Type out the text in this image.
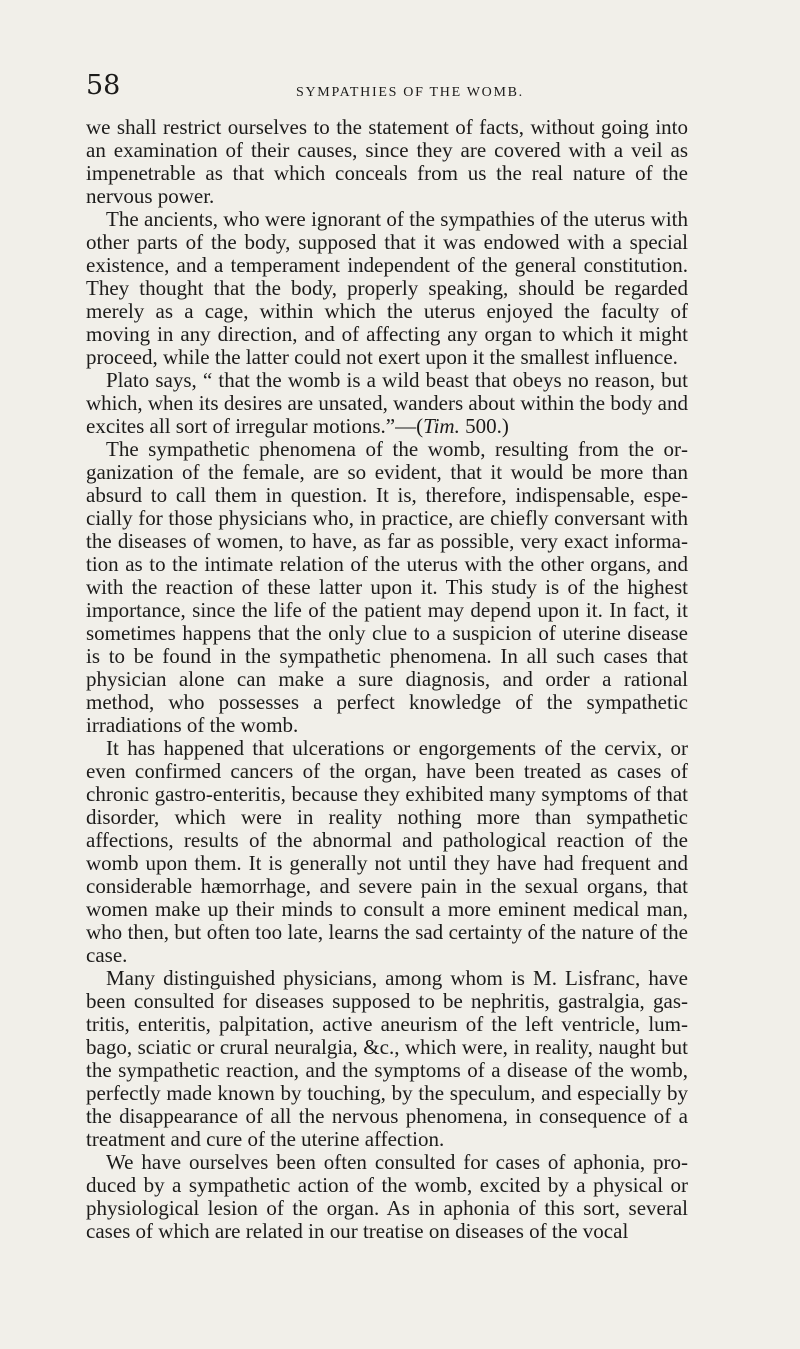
58	SYMPATHIES OF THE WOMB.

we shall restrict ourselves to the statement of facts, without going into an examination of their causes, since they are covered with a veil as impenetrable as that which conceals from us the real nature of the nervous power.

The ancients, who were ignorant of the sympathies of the uterus with other parts of the body, supposed that it was endowed with a special existence, and a temperament independent of the general constitution. They thought that the body, properly speaking, should be regarded merely as a cage, within which the uterus enjoyed the faculty of moving in any direction, and of affecting any organ to which it might proceed, while the latter could not exert upon it the smallest influence.

Plato says, “ that the womb is a wild beast that obeys no reason, but which, when its desires are unsated, wanders about within the body and excites all sort of irregular motions.”—(Tim. 500.)

The sympathetic phenomena of the womb, resulting from the organization of the female, are so evident, that it would be more than absurd to call them in question. It is, therefore, indispensable, especially for those physicians who, in practice, are chiefly conversant with the diseases of women, to have, as far as possible, very exact information as to the intimate relation of the uterus with the other organs, and with the reaction of these latter upon it. This study is of the highest importance, since the life of the patient may depend upon it. In fact, it sometimes happens that the only clue to a suspicion of uterine disease is to be found in the sympathetic phenomena. In all such cases that physician alone can make a sure diagnosis, and order a rational method, who possesses a perfect knowledge of the sympathetic irradiations of the womb.

It has happened that ulcerations or engorgements of the cervix, or even confirmed cancers of the organ, have been treated as cases of chronic gastro-enteritis, because they exhibited many symptoms of that disorder, which were in reality nothing more than sympathetic affections, results of the abnormal and pathological reaction of the womb upon them. It is generally not until they have had frequent and considerable hæmorrhage, and severe pain in the sexual organs, that women make up their minds to consult a more eminent medical man, who then, but often too late, learns the sad certainty of the nature of the case.

Many distinguished physicians, among whom is M. Lisfranc, have been consulted for diseases supposed to be nephritis, gastralgia, gastritis, enteritis, palpitation, active aneurism of the left ventricle, lumbago, sciatic or crural neuralgia, &c., which were, in reality, naught but the sympathetic reaction, and the symptoms of a disease of the womb, perfectly made known by touching, by the speculum, and especially by the disappearance of all the nervous phenomena, in consequence of a treatment and cure of the uterine affection.

We have ourselves been often consulted for cases of aphonia, produced by a sympathetic action of the womb, excited by a physical or physiological lesion of the organ. As in aphonia of this sort, several cases of which are related in our treatise on diseases of the vocal
